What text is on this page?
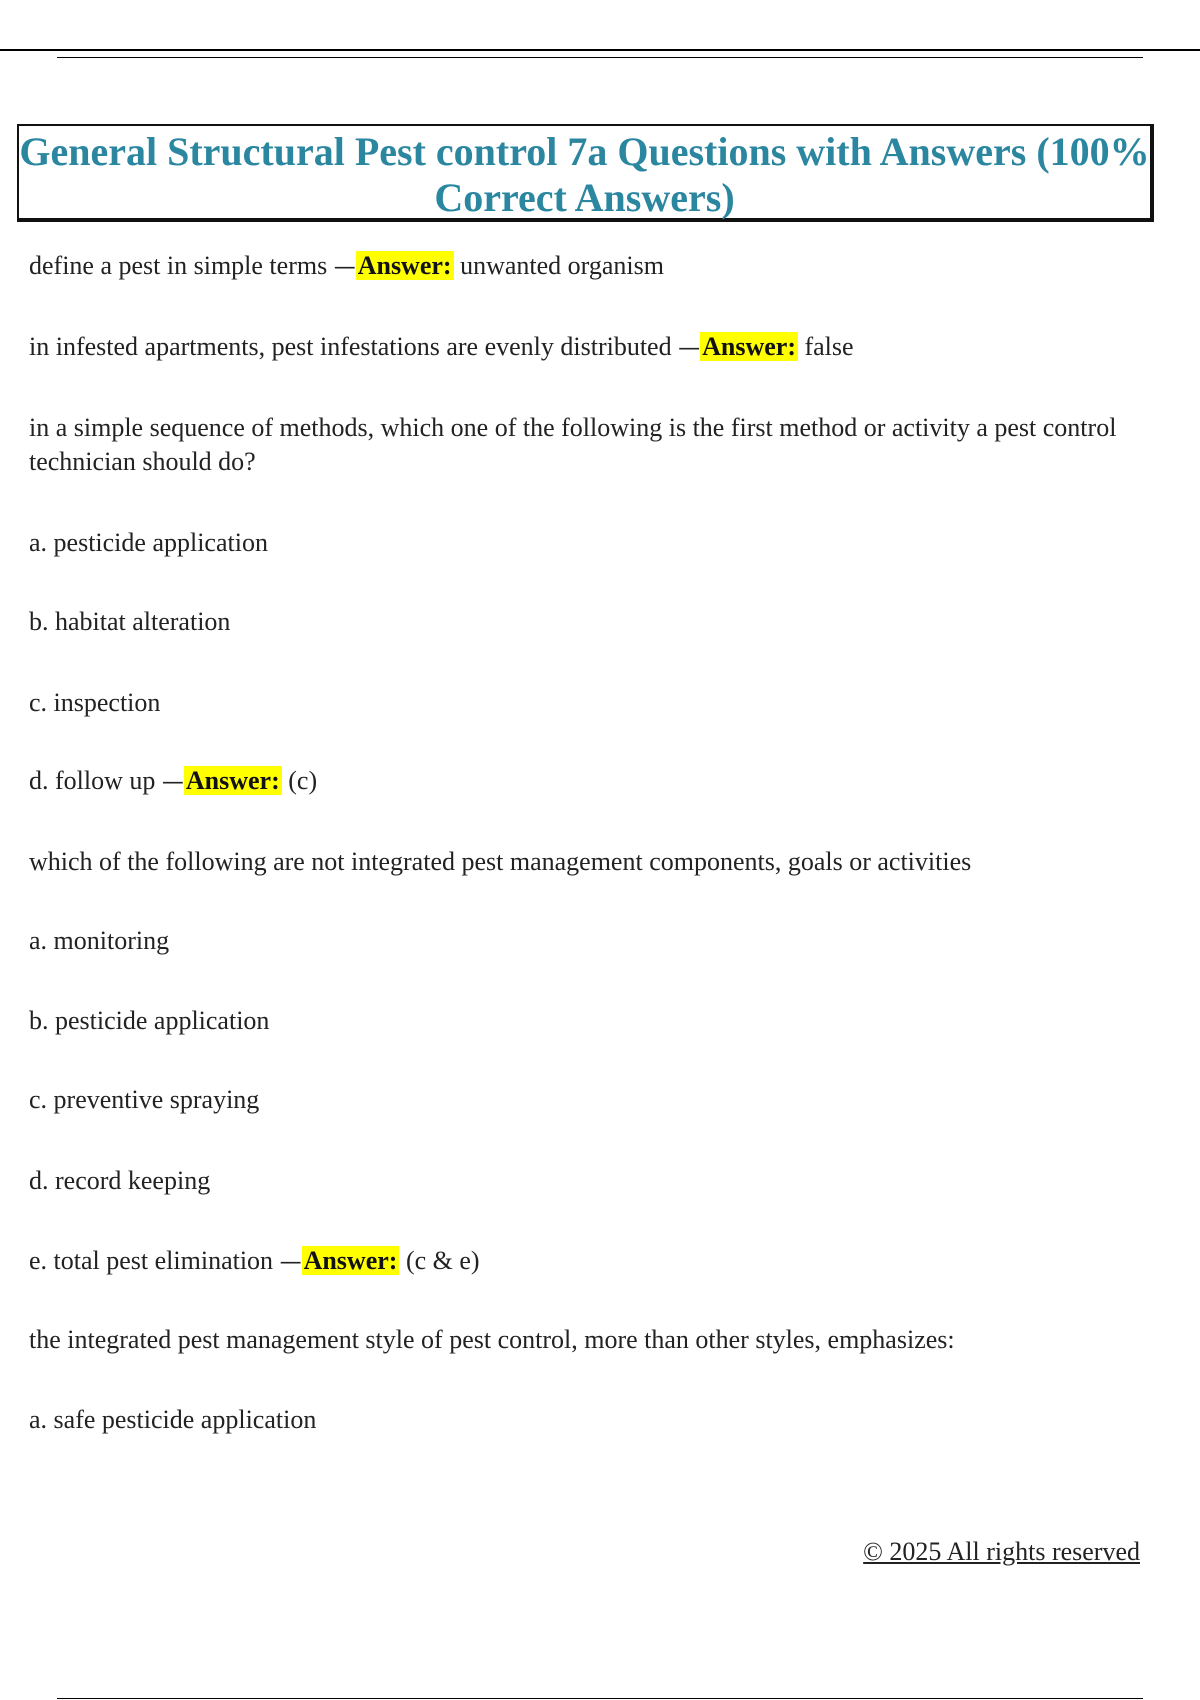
General Structural Pest control 7a Questions with Answers (100% Correct Answers)
define a pest in simple terms —Answer: unwanted organism
in infested apartments, pest infestations are evenly distributed —Answer: false
in a simple sequence of methods, which one of the following is the first method or activity a pest control technician should do?
a. pesticide application
b. habitat alteration
c. inspection
d. follow up —Answer: (c)
which of the following are not integrated pest management components, goals or activities
a. monitoring
b. pesticide application
c. preventive spraying
d. record keeping
e. total pest elimination —Answer: (c & e)
the integrated pest management style of pest control, more than other styles, emphasizes:
a. safe pesticide application
© 2025 All rights reserved
